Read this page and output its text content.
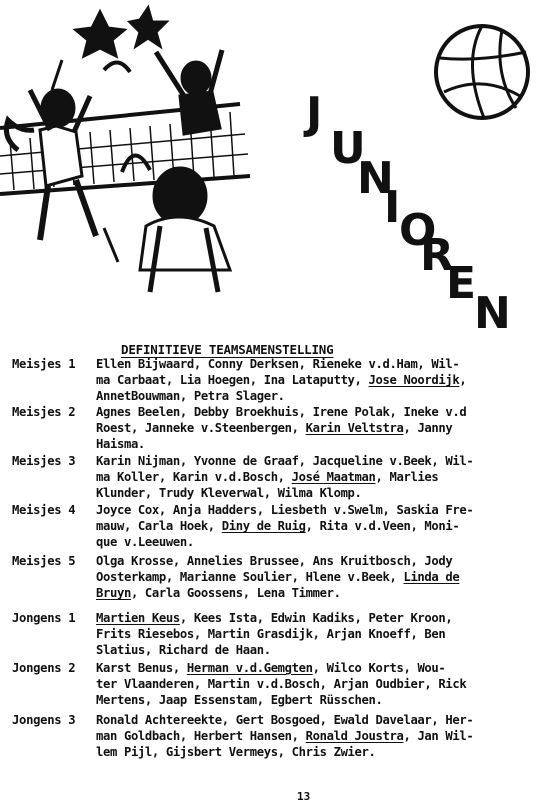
J
U
N
I
O
R
E
N
DEFINITIEVE TEAMSAMENSTELLING
Meisjes 1 Ellen Bijwaard, Conny Derksen, Rieneke v.d.Ham, Wil-
ma Carbaat, Lia Hoegen, Ina Lataputty, Jose Noordijk,
AnnetBouwman, Petra Slager.
Meisjes 2 Agnes Beelen, Debby Broekhuis, Irene Polak, Ineke v.d
Roest, Janneke v.Steenbergen, Karin Veltstra, Janny
Haisma.
Meisjes 3 Karin Nijman, Yvonne de Graaf, Jacqueline v.Beek, Wil-
ma Koller, Karin v.d.Bosch, José Maatman, Marlies
Klunder, Trudy Kleverwal, Wilma Klomp.
Meisjes 4 Joyce Cox, Anja Hadders, Liesbeth v.Swelm, Saskia Fre-
mauw, Carla Hoek, Diny de Ruig, Rita v.d.Veen, Moni-
que v.Leeuwen.
Meisjes 5 Olga Krosse, Annelies Brussee, Ans Kruitbosch, Jody
Oosterkamp, Marianne Soulier, Hlene v.Beek, Linda de
Bruyn, Carla Goossens, Lena Timmer.
Jongens 1 Martien Keus, Kees Ista, Edwin Kadiks, Peter Kroon,
Frits Riesebos, Martin Grasdijk, Arjan Knoeff, Ben
Slatius, Richard de Haan.
Jongens 2 Karst Benus, Herman v.d.Gemgten, Wilco Korts, Wou-
ter Vlaanderen, Martin v.d.Bosch, Arjan Oudbier, Rick
Mertens, Jaap Essenstam, Egbert Rüsschen.
Jongens 3 Ronald Achtereekte, Gert Bosgoed, Ewald Davelaar, Her-
man Goldbach, Herbert Hansen, Ronald Joustra, Jan Wil-
lem Pijl, Gijsbert Vermeys, Chris Zwier.
13
